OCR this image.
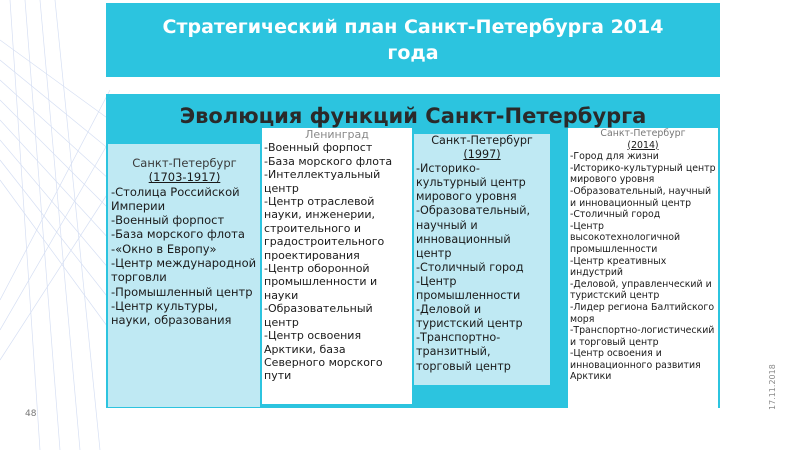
Стратегический план Санкт-Петербурга 2014
года
Эволюция функций Санкт-Петербурга
Санкт-Петербург
(1703-1917)
-Столица Российской Империи
-Военный форпост
-База морского флота
-«Окно в Европу»
-Центр международной торговли
-Промышленный центр
-Центр культуры, науки, образования
Ленинград
-Военный форпост
-База морского флота
-Интеллектуальный центр
-Центр отраслевой науки, инженерии, строительного и градостроительного проектирования
-Центр оборонной промышленности и науки
-Образовательный центр
-Центр освоения Арктики, база Северного морского пути
Санкт-Петербург
(1997)
-Историко-культурный центр мирового уровня
-Образовательный, научный и инновационный центр
-Столичный город
-Центр промышленности
-Деловой и туристский центр
-Транспортно-транзитный, торговый центр
Санкт-Петербург
(2014)
-Город для жизни
-Историко-культурный центр мирового уровня
-Образовательный, научный и инновационный центр
-Столичный город
-Центр высокотехнологичной промышленности
-Центр креативных индустрий
-Деловой, управленческий и туристский центр
-Лидер региона Балтийского моря
-Транспортно-логистический и торговый центр
-Центр освоения и инновационного развития Арктики	17.11.2018
48
